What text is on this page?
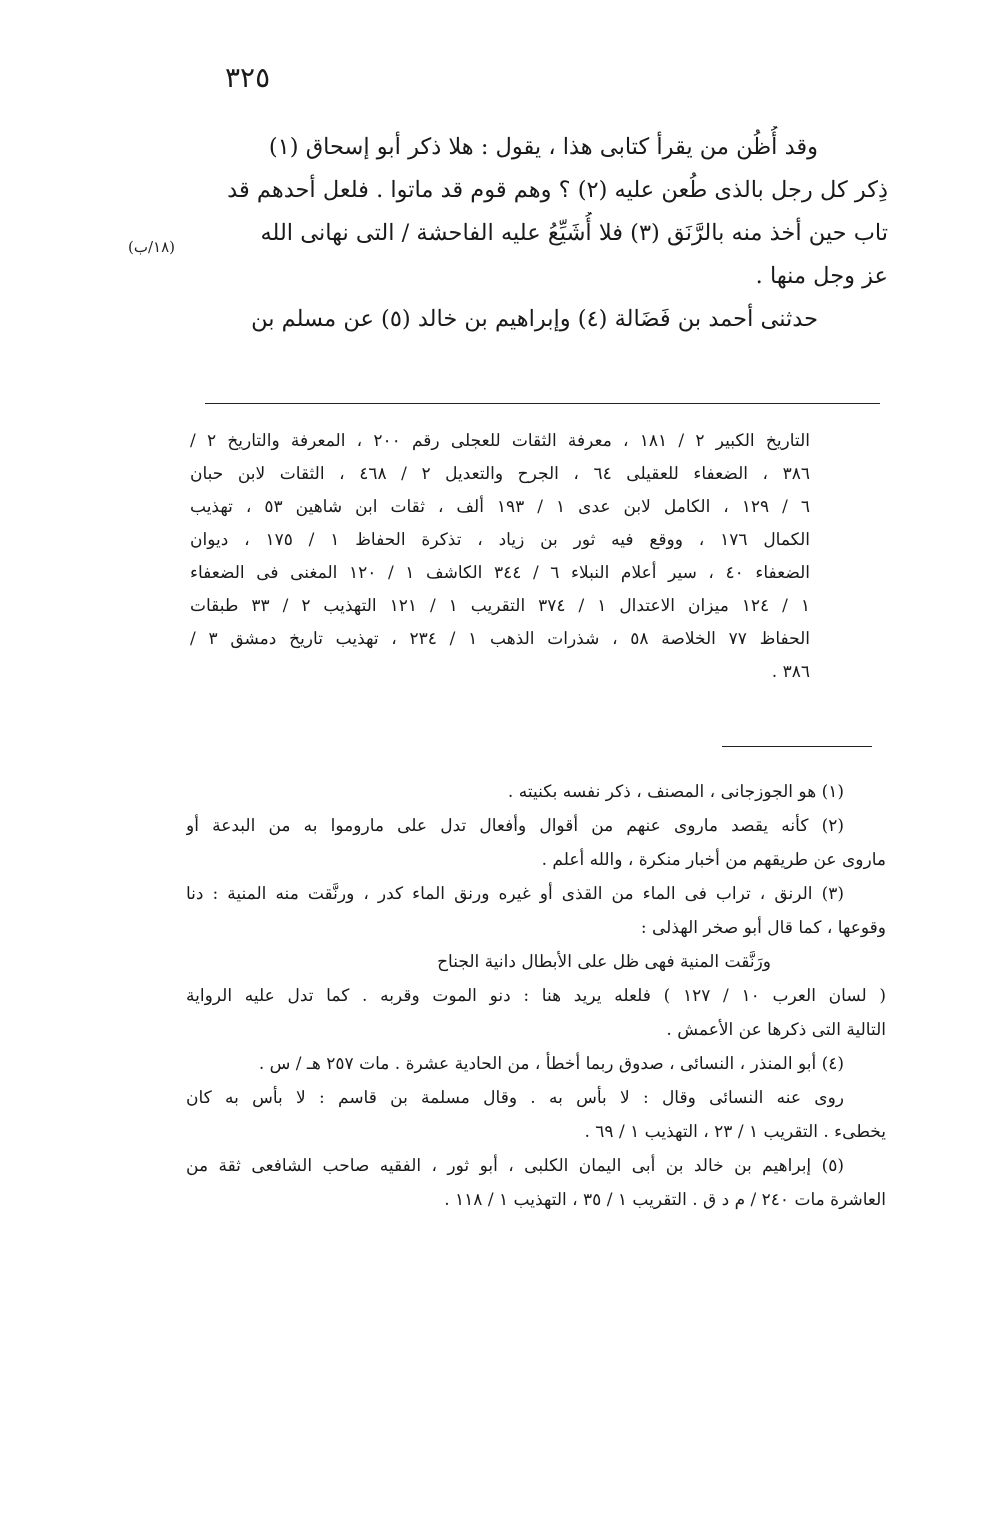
٣٢٥
وقد أُظُن من يقرأ كتابى هذا ، يقول : هلا ذكر أبو إسحاق (١)
ذِكر كل رجل بالذى طُعن عليه (٢) ؟ وهم قوم قد ماتوا . فلعل أحدهم قد
تاب حين أخذ منه بالرَّنَق (٣) فلا أُشَيِّعُ عليه الفاحشة / التى نهانى الله
عز وجل منها .
حدثنى أحمد بن فَضَالة (٤) وإبراهيم بن خالد (٥) عن مسلم بن
(١٨/ب)
التاريخ الكبير ٢ / ١٨١ ، معرفة الثقات للعجلى رقم ٢٠٠ ، المعرفة والتاريخ ٢ /
٣٨٦ ، الضعفاء للعقيلى ٦٤ ، الجرح والتعديل ٢ / ٤٦٨ ، الثقات لابن حبان
٦ / ١٢٩ ، الكامل لابن عدى ١ / ١٩٣ ألف ، ثقات ابن شاهين ٥٣ ، تهذيب
الكمال ١٧٦ ، ووقع فيه ثور بن زياد ، تذكرة الحفاظ ١ / ١٧٥ ، ديوان
الضعفاء ٤٠ ، سير أعلام النبلاء ٦ / ٣٤٤ الكاشف ١ / ١٢٠ المغنى فى الضعفاء
١ / ١٢٤ ميزان الاعتدال ١ / ٣٧٤ التقريب ١ / ١٢١ التهذيب ٢ / ٣٣ طبقات
الحفاظ ٧٧ الخلاصة ٥٨ ، شذرات الذهب ١ / ٢٣٤ ، تهذيب تاريخ دمشق ٣ /
٣٨٦ .
(١) هو الجوزجانى ، المصنف ، ذكر نفسه بكنيته .
(٢) كأنه يقصد ماروى عنهم من أقوال وأفعال تدل على ماروموا به من البدعة أو
ماروى عن طريقهم من أخبار منكرة ، والله أعلم .
(٣) الرنق ، تراب فى الماء من القذى أو غيره ورنق الماء كدر ، ورنَّقت منه المنية : دنا
وقوعها ، كما قال أبو صخر الهذلى :
ورَنَّقت المنية فهى ظل على الأبطال دانية الجناح
( لسان العرب ١٠ / ١٢٧ ) فلعله يريد هنا : دنو الموت وقربه . كما تدل عليه الرواية
التالية التى ذكرها عن الأعمش .
(٤) أبو المنذر ، النسائى ، صدوق ربما أخطأ ، من الحادية عشرة . مات ٢٥٧ هـ / س .
روى عنه النسائى وقال : لا بأس به . وقال مسلمة بن قاسم : لا بأس به كان
يخطىء . التقريب ١ / ٢٣ ، التهذيب ١ / ٦٩ .
(٥) إبراهيم بن خالد بن أبى اليمان الكلبى ، أبو ثور ، الفقيه صاحب الشافعى ثقة من
العاشرة مات ٢٤٠ / م د ق . التقريب ١ / ٣٥ ، التهذيب ١ / ١١٨ .
